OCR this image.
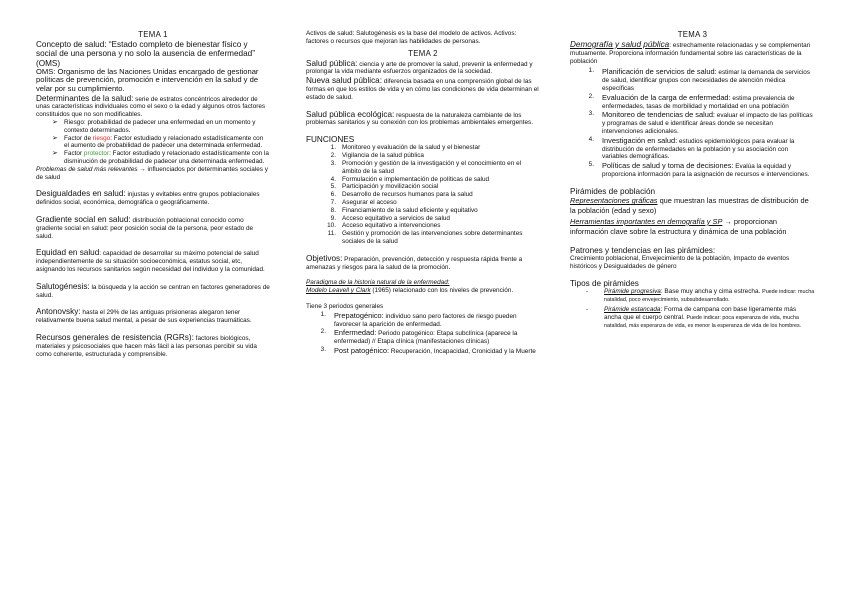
TEMA 1

Concepto de salud: “Estado completo de bienestar físico y social de una persona y no solo la ausencia de enfermedad” (OMS)

OMS: Organismo de las Naciones Unidas encargado de gestionar políticas de prevención, promoción e intervención en la salud y de velar por su cumplimiento.

Determinantes de la salud: serie de estratos concéntricos alrededor de unas características individuales como el sexo o la edad y algunos otros factores constituidos que no son modificables.

➢ Riesgo: probabilidad de padecer una enfermedad en un momento y contexto determinados.
➢ Factor de riesgo: Factor estudiado y relacionado estadísticamente con el aumento de probabilidad de padecer una determinada enfermedad.
➢ Factor protector: Factor estudiado y relacionado estadísticamente con la disminución de probabilidad de padecer una determinada enfermedad.

Problemas de salud más relevantes → influenciados por determinantes sociales y de salud

Desigualdades en salud: injustas y evitables entre grupos poblacionales definidos social, económica, demográfica o geográficamente.

Gradiente social en salud: distribución poblacional conocido como gradiente social en salud: peor posición social de la persona, peor estado de salud.

Equidad en salud: capacidad de desarrollar su máximo potencial de salud independientemente de su situación socioeconómica, estatus social, etc, asignando los recursos sanitarios según necesidad del individuo y la comunidad.

Salutogénesis: la búsqueda y la acción se centran en factores generadores de salud.

Antonovsky: hasta el 29% de las antiguas prisioneras alegaron tener relativamente buena salud mental, a pesar de sus experiencias traumáticas.

Recursos generales de resistencia (RGRs): factores biológicos, materiales y psicosociales que hacen más fácil a las personas percibir su vida como coherente, estructurada y comprensible.

Activos de salud: Salutogénesis es la base del modelo de activos. Activos: factores o recursos que mejoran las habilidades de personas.

TEMA 2

Salud pública: ciencia y arte de promover la salud, prevenir la enfermedad y prolongar la vida mediante esfuerzos organizados de la sociedad.

Nueva salud pública: diferencia basada en una comprensión global de las formas en que los estilos de vida y en cómo las condiciones de vida determinan el estado de salud.

Salud pública ecológica: respuesta de la naturaleza cambiante de los problemas sanitarios y su conexión con los problemas ambientales emergentes.

FUNCIONES

1. Monitoreo y evaluación de la salud y el bienestar
2. Vigilancia de la salud pública
3. Promoción y gestión de la investigación y el conocimiento en el ámbito de la salud
4. Formulación e implementación de políticas de salud
5. Participación y movilización social
6. Desarrollo de recursos humanos para la salud
7. Asegurar el acceso
8. Financiamiento de la salud eficiente y equitativo
9. Acceso equitativo a servicios de salud
10. Acceso equitativo a intervenciones
11. Gestión y promoción de las intervenciones sobre determinantes sociales de la salud

Objetivos: Preparación, prevención, detección y respuesta rápida frente a amenazas y riesgos para la salud de la promoción.

Paradigma de la historia natural de la enfermedad:
Modelo Leavell y Clark (1965) relacionado con los niveles de prevención.

Tiene 3 periodos generales

1.	Prepatogénico: individuo sano pero factores de riesgo pueden favorecer la aparición de enfermedad.
2.	Enfermedad: Periodo patogénico: Etapa subclínica (aparece la enfermedad) // Etapa clínica (manifestaciones clínicas)
3.	Post patogénico: Recuperación, Incapacidad, Cronicidad y la Muerte

TEMA 3

Demografía y salud pública: estrechamente relacionadas y se complementan mutuamente. Proporciona información fundamental sobre las características de la población

1.	Planificación de servicios de salud: estimar la demanda de servicios de salud, identificar grupos con necesidades de atención médica específicas
2.	Evaluación de la carga de enfermedad: estima prevalencia de enfermedades, tasas de morbilidad y mortalidad en una población
3.	Monitoreo de tendencias de salud: evaluar el impacto de las políticas y programas de salud e identificar áreas donde se necesitan intervenciones adicionales.
4.	Investigación en salud: estudios epidemiológicos para evaluar la distribución de enfermedades en la población y su asociación con variables demográficas.
5.	Políticas de salud y toma de decisiones: Evalúa la equidad y proporciona información para la asignación de recursos e intervenciones.

Pirámides de población

Representaciones gráficas que muestran las muestras de distribución de la población (edad y sexo)

Herramientas importantes en demografía y SP → proporcionan información clave sobre la estructura y dinámica de una población

Patrones y tendencias en las pirámides:

Crecimiento poblacional, Envejecimiento de la población, Impacto de eventos históricos y Desigualdades de género

Tipos de pirámides

-	Pirámide progresiva: Base muy ancha y cima estrecha. Puede indicar: mucha natalidad, poco envejecimiento, subsubdesarrollado.
-	Pirámide estancada: Forma de campana con base ligeramente más ancha que el cuerpo central. Puede indicar: poca esperanza de vida, mucha natalidad, más esperanza de vida, es menor la esperanza de vida de los hombres.
